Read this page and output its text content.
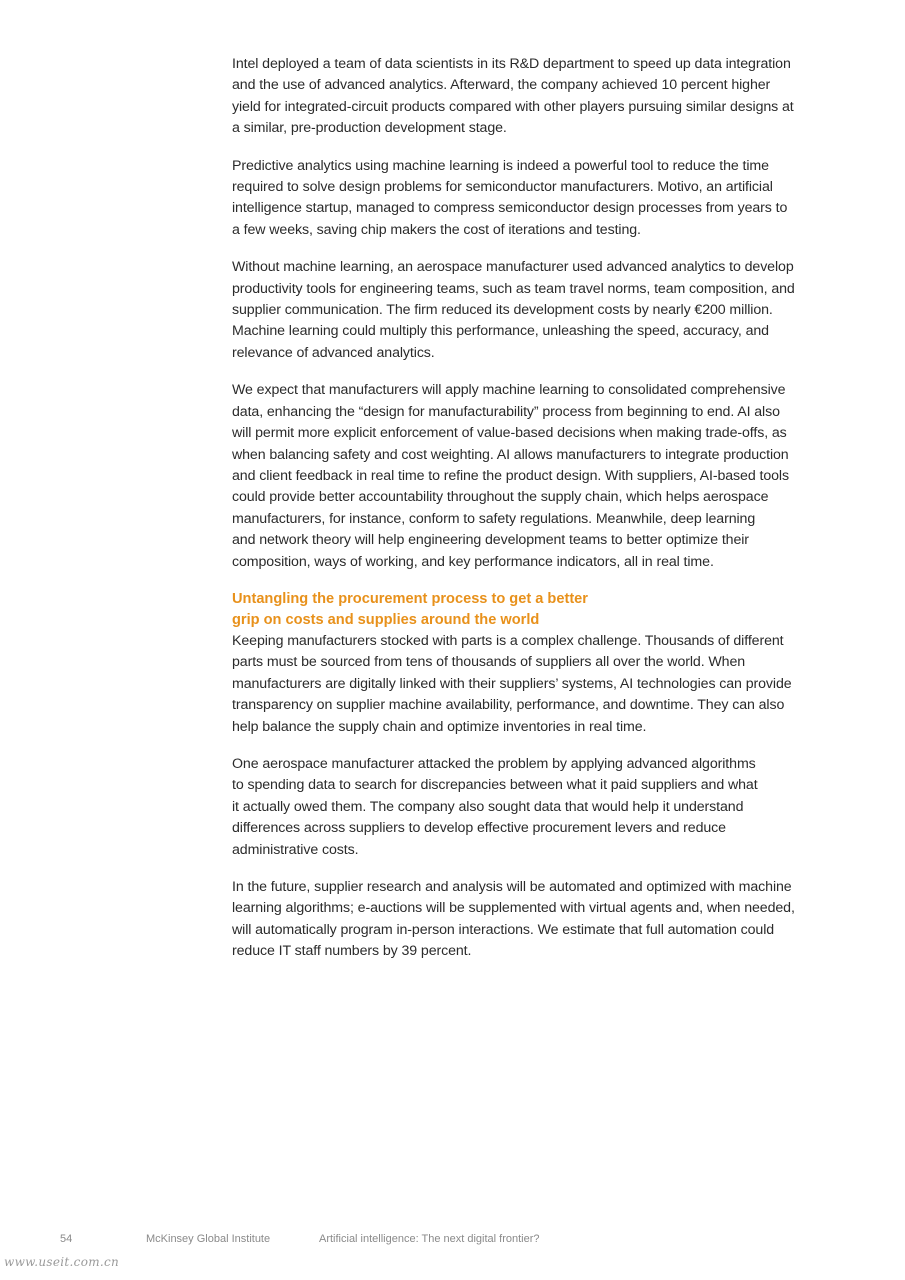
Intel deployed a team of data scientists in its R&D department to speed up data integration
and the use of advanced analytics. Afterward, the company achieved 10 percent higher
yield for integrated-circuit products compared with other players pursuing similar designs at
a similar, pre-production development stage.

Predictive analytics using machine learning is indeed a powerful tool to reduce the time
required to solve design problems for semiconductor manufacturers. Motivo, an artificial
intelligence startup, managed to compress semiconductor design processes from years to
a few weeks, saving chip makers the cost of iterations and testing.

Without machine learning, an aerospace manufacturer used advanced analytics to develop
productivity tools for engineering teams, such as team travel norms, team composition, and
supplier communication. The firm reduced its development costs by nearly €200 million.
Machine learning could multiply this performance, unleashing the speed, accuracy, and
relevance of advanced analytics.

We expect that manufacturers will apply machine learning to consolidated comprehensive
data, enhancing the “design for manufacturability” process from beginning to end. AI also
will permit more explicit enforcement of value-based decisions when making trade-offs, as
when balancing safety and cost weighting. AI allows manufacturers to integrate production
and client feedback in real time to refine the product design. With suppliers, AI-based tools
could provide better accountability throughout the supply chain, which helps aerospace
manufacturers, for instance, conform to safety regulations. Meanwhile, deep learning
and network theory will help engineering development teams to better optimize their
composition, ways of working, and key performance indicators, all in real time.

Untangling the procurement process to get a better
grip on costs and supplies around the world

Keeping manufacturers stocked with parts is a complex challenge. Thousands of different
parts must be sourced from tens of thousands of suppliers all over the world. When
manufacturers are digitally linked with their suppliers’ systems, AI technologies can provide
transparency on supplier machine availability, performance, and downtime. They can also
help balance the supply chain and optimize inventories in real time.

One aerospace manufacturer attacked the problem by applying advanced algorithms
to spending data to search for discrepancies between what it paid suppliers and what
it actually owed them. The company also sought data that would help it understand
differences across suppliers to develop effective procurement levers and reduce
administrative costs.

In the future, supplier research and analysis will be automated and optimized with machine
learning algorithms; e-auctions will be supplemented with virtual agents and, when needed,
will automatically program in-person interactions. We estimate that full automation could
reduce IT staff numbers by 39 percent.

54	McKinsey Global Institute	Artificial intelligence: The next digital frontier?
www.useit.com.cn
